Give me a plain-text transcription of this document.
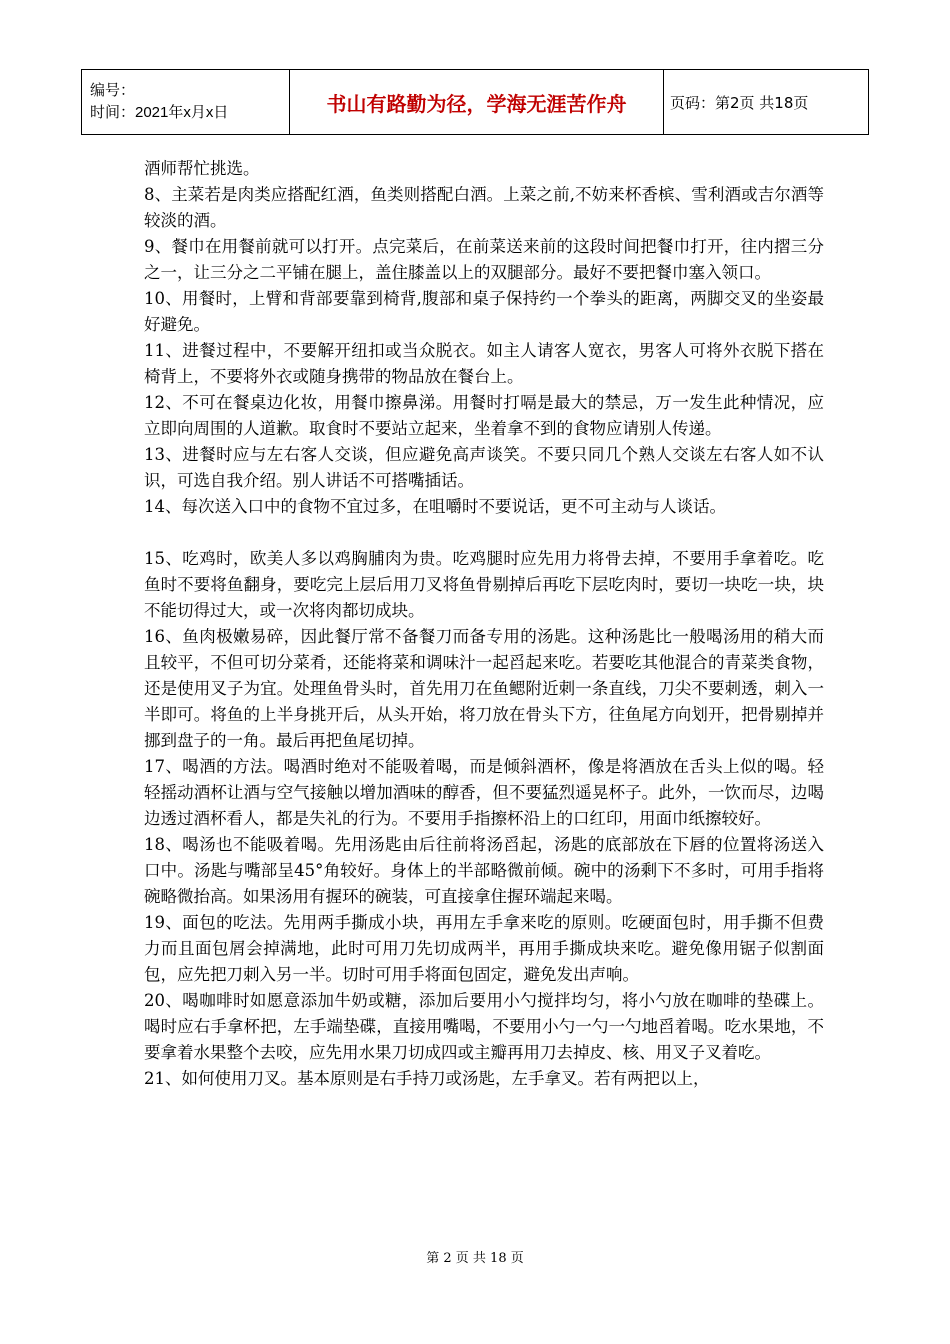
编号：
时间：2021年x月x日	书山有路勤为径，学海无涯苦作舟	页码：第2页 共18页

酒师帮忙挑选。

8、主菜若是肉类应搭配红酒，鱼类则搭配白酒。上菜之前,不妨来杯香槟、雪利酒或吉尔酒等较淡的酒。

9、餐巾在用餐前就可以打开。点完菜后，在前菜送来前的这段时间把餐巾打开，往内摺三分之一，让三分之二平铺在腿上，盖住膝盖以上的双腿部分。最好不要把餐巾塞入领口。

10、用餐时，上臂和背部要靠到椅背,腹部和桌子保持约一个拳头的距离，两脚交叉的坐姿最好避免。

11、进餐过程中，不要解开纽扣或当众脱衣。如主人请客人宽衣，男客人可将外衣脱下搭在椅背上，不要将外衣或随身携带的物品放在餐台上。

12、不可在餐桌边化妆，用餐巾擦鼻涕。用餐时打嗝是最大的禁忌，万一发生此种情况，应立即向周围的人道歉。取食时不要站立起来，坐着拿不到的食物应请别人传递。

13、进餐时应与左右客人交谈，但应避免高声谈笑。不要只同几个熟人交谈左右客人如不认识，可选自我介绍。别人讲话不可搭嘴插话。

14、每次送入口中的食物不宜过多，在咀嚼时不要说话，更不可主动与人谈话。

15、吃鸡时，欧美人多以鸡胸脯肉为贵。吃鸡腿时应先用力将骨去掉，不要用手拿着吃。吃鱼时不要将鱼翻身，要吃完上层后用刀叉将鱼骨剔掉后再吃下层吃肉时，要切一块吃一块，块不能切得过大，或一次将肉都切成块。

16、鱼肉极嫩易碎，因此餐厅常不备餐刀而备专用的汤匙。这种汤匙比一般喝汤用的稍大而且较平，不但可切分菜肴，还能将菜和调味汁一起舀起来吃。若要吃其他混合的青菜类食物，还是使用叉子为宜。处理鱼骨头时，首先用刀在鱼鳃附近刺一条直线，刀尖不要刺透，刺入一半即可。将鱼的上半身挑开后，从头开始，将刀放在骨头下方，往鱼尾方向划开，把骨剔掉并挪到盘子的一角。最后再把鱼尾切掉。

17、喝酒的方法。喝酒时绝对不能吸着喝，而是倾斜酒杯，像是将酒放在舌头上似的喝。轻轻摇动酒杯让酒与空气接触以增加酒味的醇香，但不要猛烈遥晃杯子。此外，一饮而尽，边喝边透过酒杯看人，都是失礼的行为。不要用手指擦杯沿上的口红印，用面巾纸擦较好。

18、喝汤也不能吸着喝。先用汤匙由后往前将汤舀起，汤匙的底部放在下唇的位置将汤送入口中。汤匙与嘴部呈45°角较好。身体上的半部略微前倾。碗中的汤剩下不多时，可用手指将碗略微抬高。如果汤用有握环的碗装，可直接拿住握环端起来喝。

19、面包的吃法。先用两手撕成小块，再用左手拿来吃的原则。吃硬面包时，用手撕不但费力而且面包屑会掉满地，此时可用刀先切成两半，再用手撕成块来吃。避免像用锯子似割面包，应先把刀刺入另一半。切时可用手将面包固定，避免发出声响。

20、喝咖啡时如愿意添加牛奶或糖，添加后要用小勺搅拌均匀，将小勺放在咖啡的垫碟上。喝时应右手拿杯把，左手端垫碟，直接用嘴喝，不要用小勺一勺一勺地舀着喝。吃水果地，不要拿着水果整个去咬，应先用水果刀切成四或主瓣再用刀去掉皮、核、用叉子叉着吃。

21、如何使用刀叉。基本原则是右手持刀或汤匙，左手拿叉。若有两把以上，

第 2 页 共 18 页
